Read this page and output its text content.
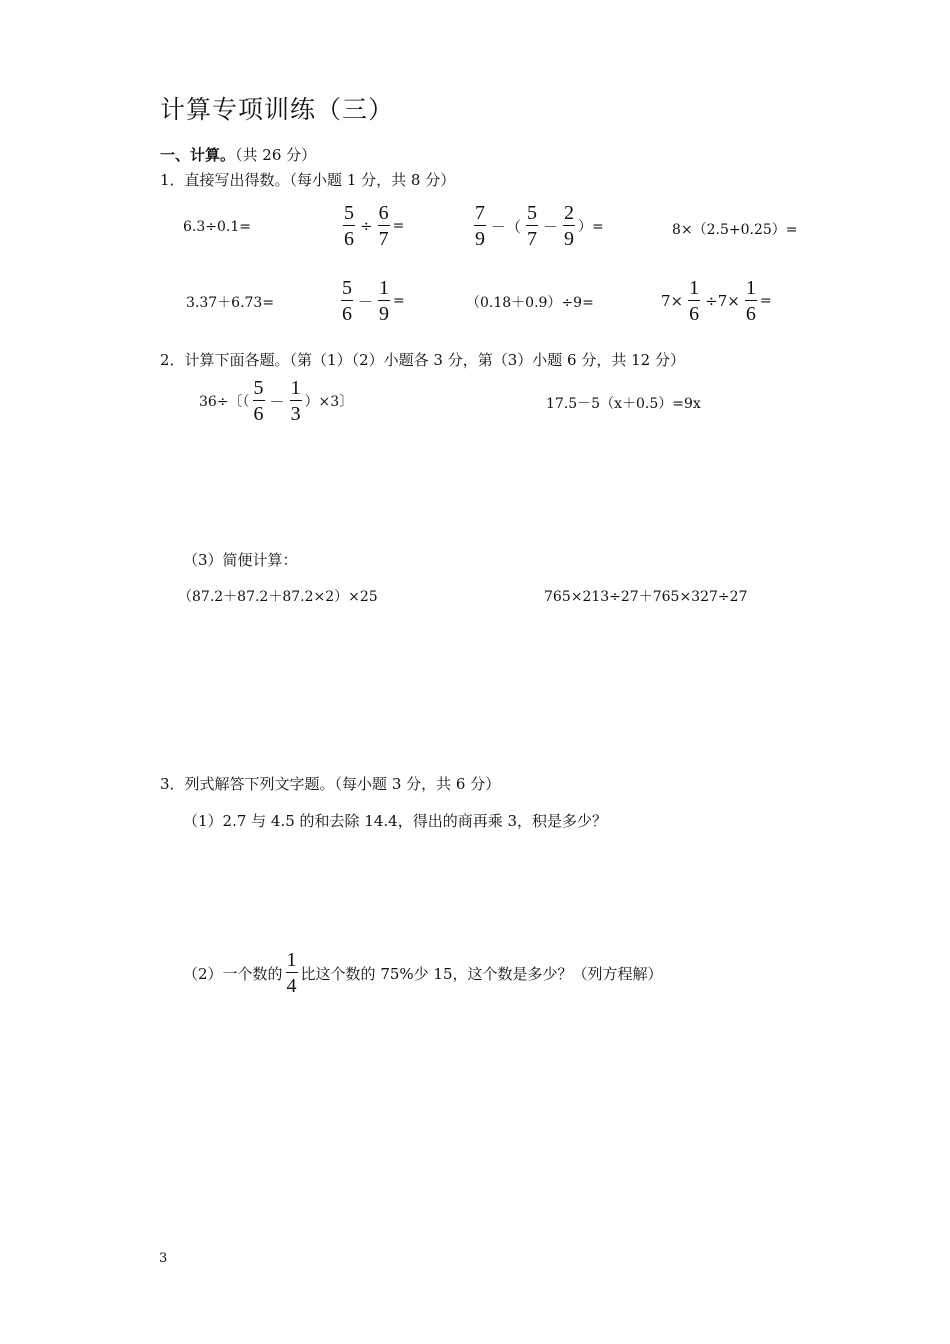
计算专项训练（三）
一、计算。（共 26 分）
1．直接写出得数。（每小题 1 分，共 8 分）
6.3÷0.1=	$\frac{5}{6} \div \frac{6}{7}$ =	$\frac{7}{9}$ －（ $\frac{5}{7} - \frac{2}{9}$ ）=	8×（2.5+0.25）=
3.37＋6.73=	$\frac{5}{6} - \frac{1}{9}$ =	（0.18＋0.9）÷9=	$7\times \frac{1}{6} \div 7\times \frac{1}{6}$ =
2．计算下面各题。（第（1）（2）小题各 3 分，第（3）小题 6 分，共 12 分）
36÷〔（ $\frac{5}{6} - \frac{1}{3} )\times 3$〕	17.5－5（x＋0.5）=9x
（3）简便计算：
（87.2＋87.2＋87.2×2）×25	765×213÷27＋765×327÷27
3．列式解答下列文字题。（每小题 3 分，共 6 分）
（1）2.7 与 4.5 的和去除 14.4，得出的商再乘 3，积是多少？
（2）一个数的 $\frac{1}{4}$ 比这个数的 75%少 15，这个数是多少？（列方程解）
3
